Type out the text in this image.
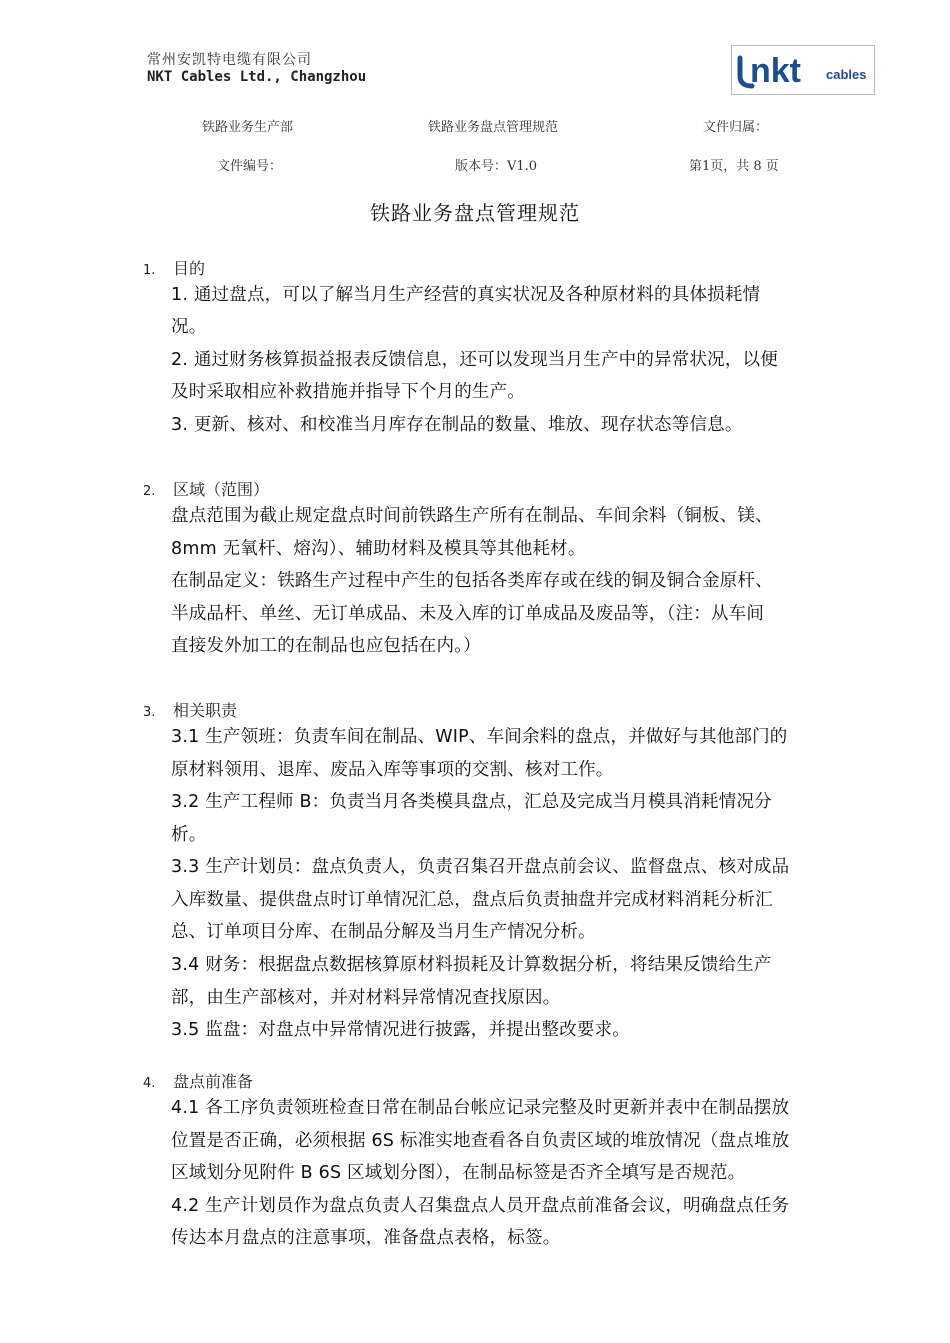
常州安凯特电缆有限公司
NKT Cables Ltd., Changzhou	nkt cables
铁路业务生产部	铁路业务盘点管理规范	文件归属：
文件编号：	版本号：V1.0	第1页，共 8 页
铁路业务盘点管理规范
1. 目的
1. 通过盘点，可以了解当月生产经营的真实状况及各种原材料的具体损耗情
况。
2. 通过财务核算损益报表反馈信息，还可以发现当月生产中的异常状况，以便
及时采取相应补救措施并指导下个月的生产。
3. 更新、核对、和校准当月库存在制品的数量、堆放、现存状态等信息。
2. 区域（范围）
盘点范围为截止规定盘点时间前铁路生产所有在制品、车间余料（铜板、镁、
8mm 无氧杆、熔沟）、辅助材料及模具等其他耗材。
在制品定义：铁路生产过程中产生的包括各类库存或在线的铜及铜合金原杆、
半成品杆、单丝、无订单成品、未及入库的订单成品及废品等，（注：从车间
直接发外加工的在制品也应包括在内。）
3. 相关职责
3.1 生产领班：负责车间在制品、WIP、车间余料的盘点，并做好与其他部门的
原材料领用、退库、废品入库等事项的交割、核对工作。
3.2 生产工程师 B：负责当月各类模具盘点，汇总及完成当月模具消耗情况分
析。
3.3 生产计划员：盘点负责人，负责召集召开盘点前会议、监督盘点、核对成品
入库数量、提供盘点时订单情况汇总，盘点后负责抽盘并完成材料消耗分析汇
总、订单项目分库、在制品分解及当月生产情况分析。
3.4 财务：根据盘点数据核算原材料损耗及计算数据分析，将结果反馈给生产
部，由生产部核对，并对材料异常情况查找原因。
3.5 监盘：对盘点中异常情况进行披露，并提出整改要求。
4. 盘点前准备
4.1 各工序负责领班检查日常在制品台帐应记录完整及时更新并表中在制品摆放
位置是否正确，必须根据 6S 标准实地查看各自负责区域的堆放情况（盘点堆放
区域划分见附件 B 6S 区域划分图），在制品标签是否齐全填写是否规范。
4.2 生产计划员作为盘点负责人召集盘点人员开盘点前准备会议，明确盘点任务
传达本月盘点的注意事项，准备盘点表格，标签。
